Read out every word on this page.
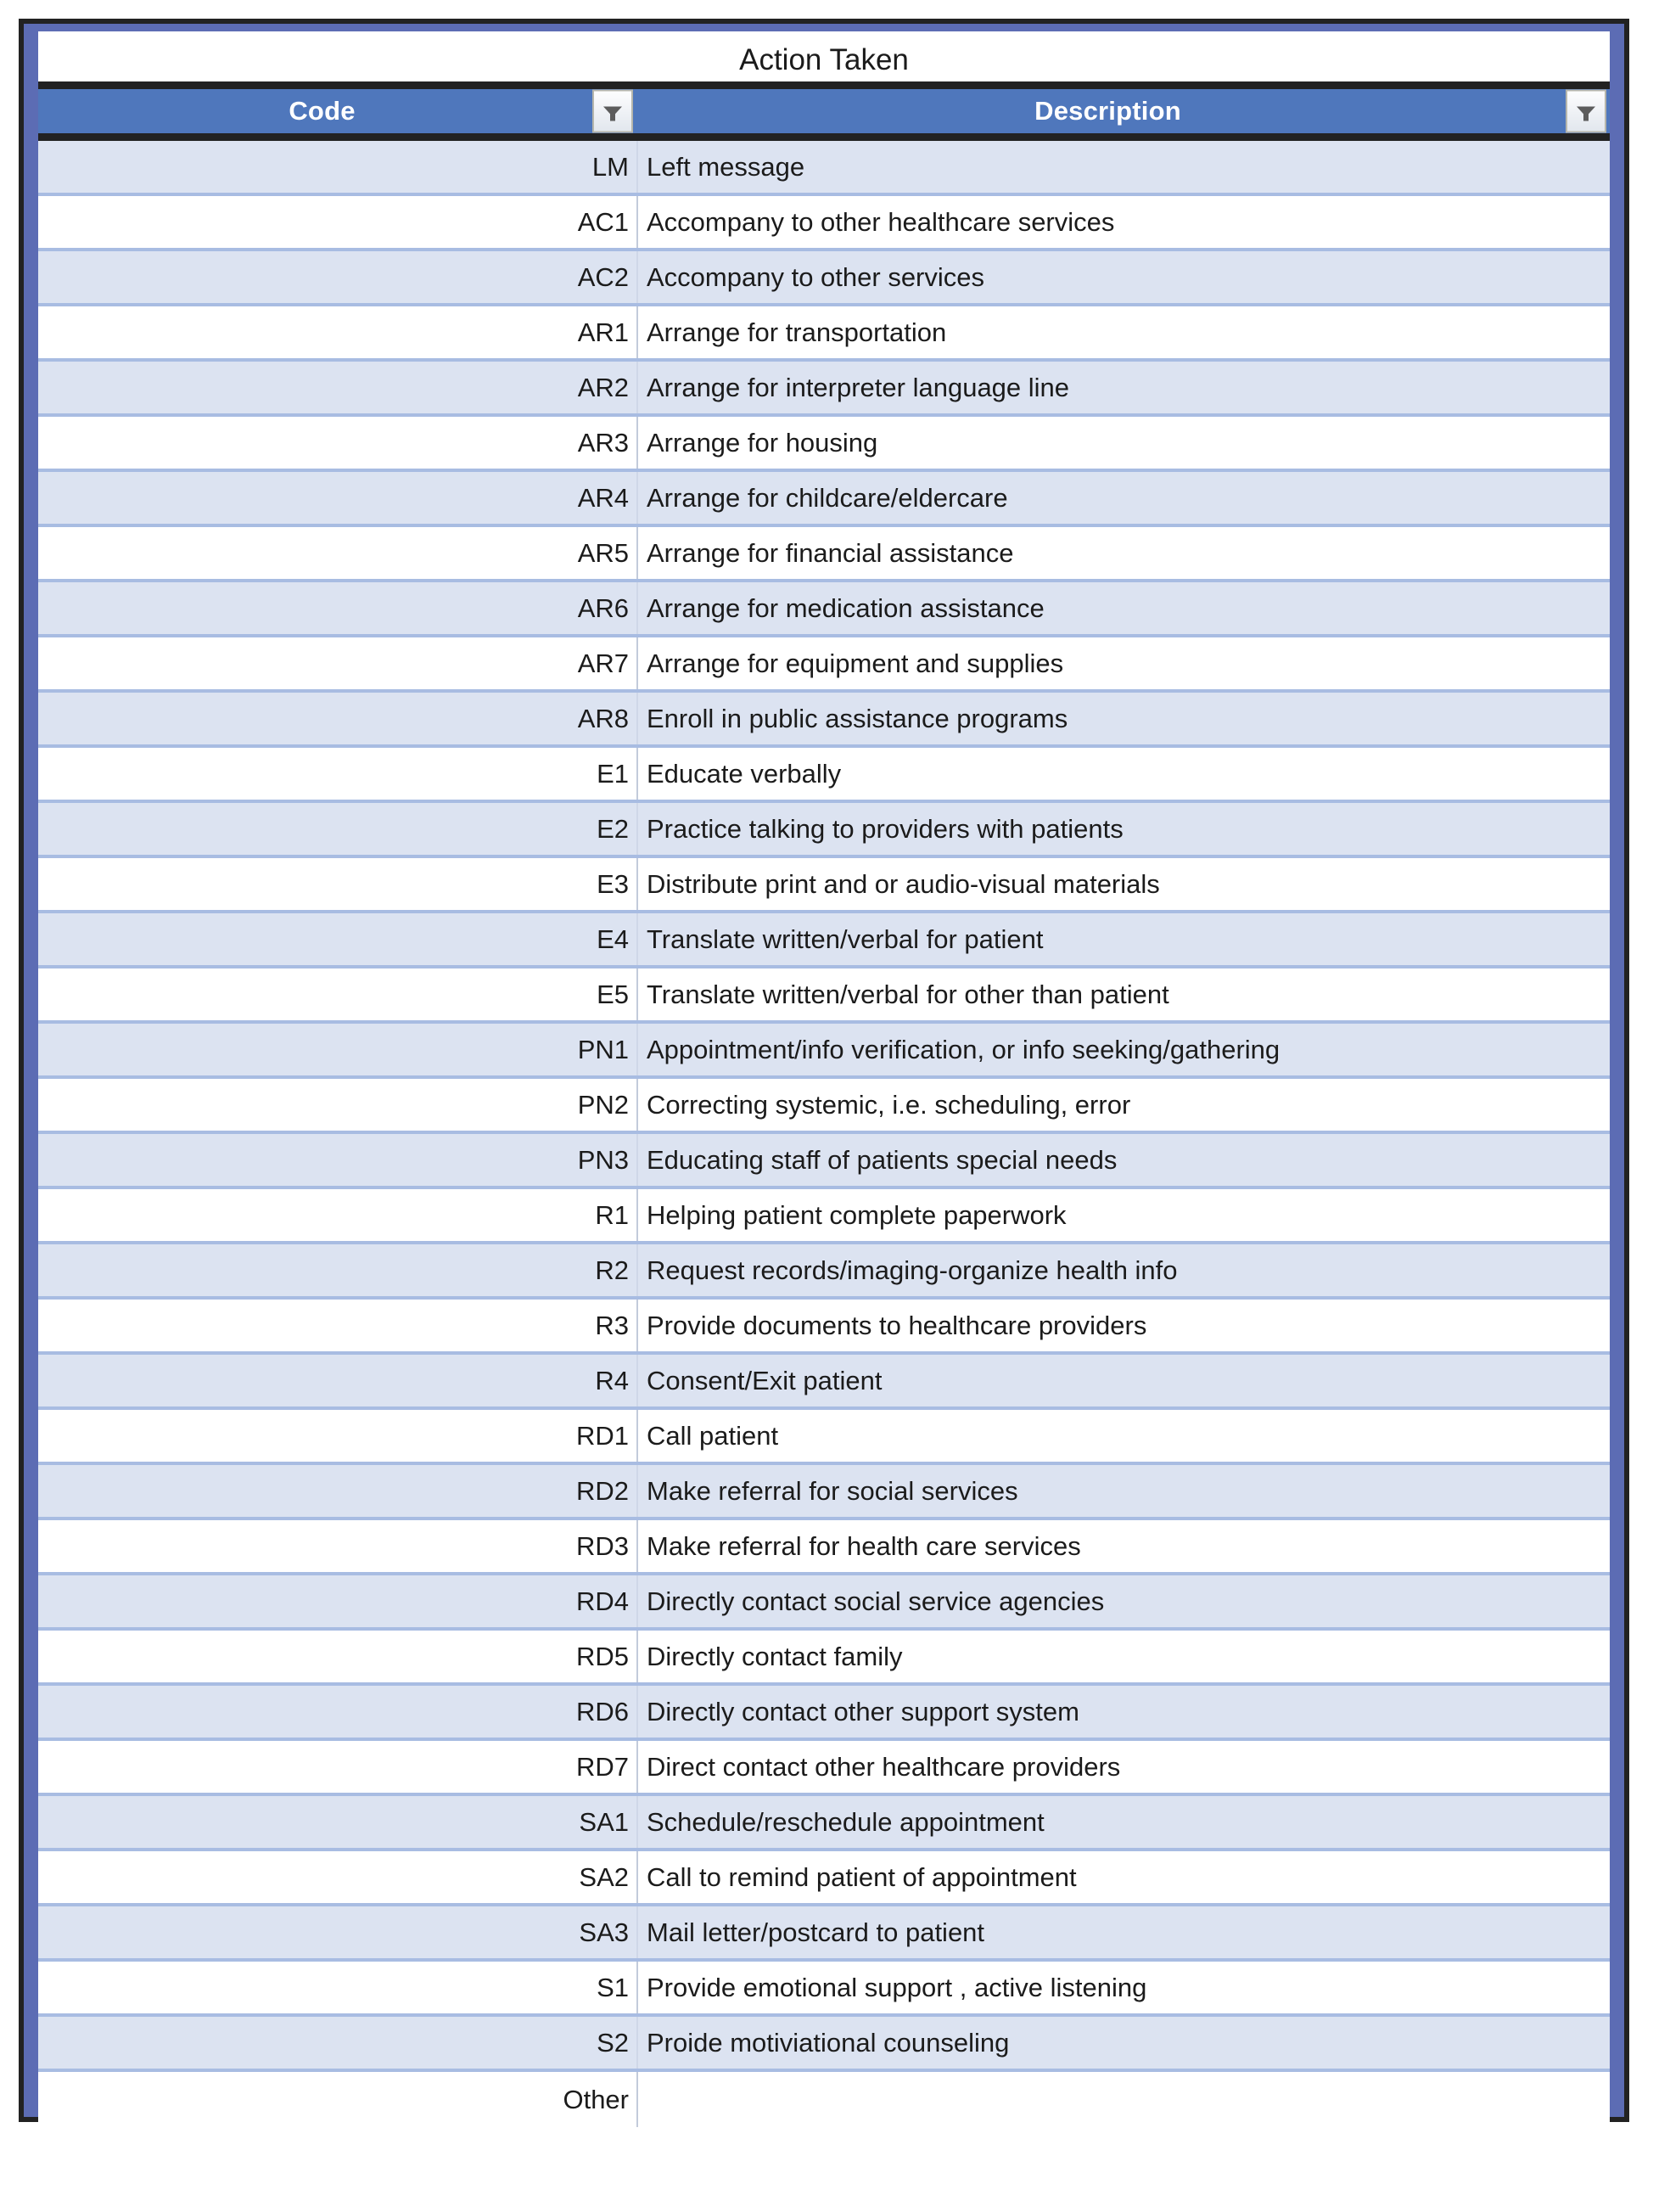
Action Taken
Code	Description
LM Left message
AC1 Accompany to other healthcare services
AC2 Accompany to other services
AR1 Arrange for transportation
AR2 Arrange for interpreter language line
AR3 Arrange for housing
AR4 Arrange for childcare/eldercare
AR5 Arrange for financial assistance
AR6 Arrange for medication assistance
AR7 Arrange for equipment and supplies
AR8 Enroll in public assistance programs
E1 Educate verbally
E2 Practice talking to providers with patients
E3 Distribute print and or audio-visual materials
E4 Translate written/verbal for patient
E5 Translate written/verbal for other than patient
PN1 Appointment/info verification, or info seeking/gathering
PN2 Correcting systemic, i.e. scheduling, error
PN3 Educating staff of patients special needs
R1 Helping patient complete paperwork
R2 Request records/imaging-organize health info
R3 Provide documents to healthcare providers
R4 Consent/Exit patient
RD1 Call patient
RD2 Make referral for social services
RD3 Make referral for health care services
RD4 Directly contact social service agencies
RD5 Directly contact family
RD6 Directly contact other support system
RD7 Direct contact other healthcare providers
SA1 Schedule/reschedule appointment
SA2 Call to remind patient of appointment
SA3 Mail letter/postcard to patient
S1 Provide emotional support , active listening
S2 Proide motiviational counseling
Other
